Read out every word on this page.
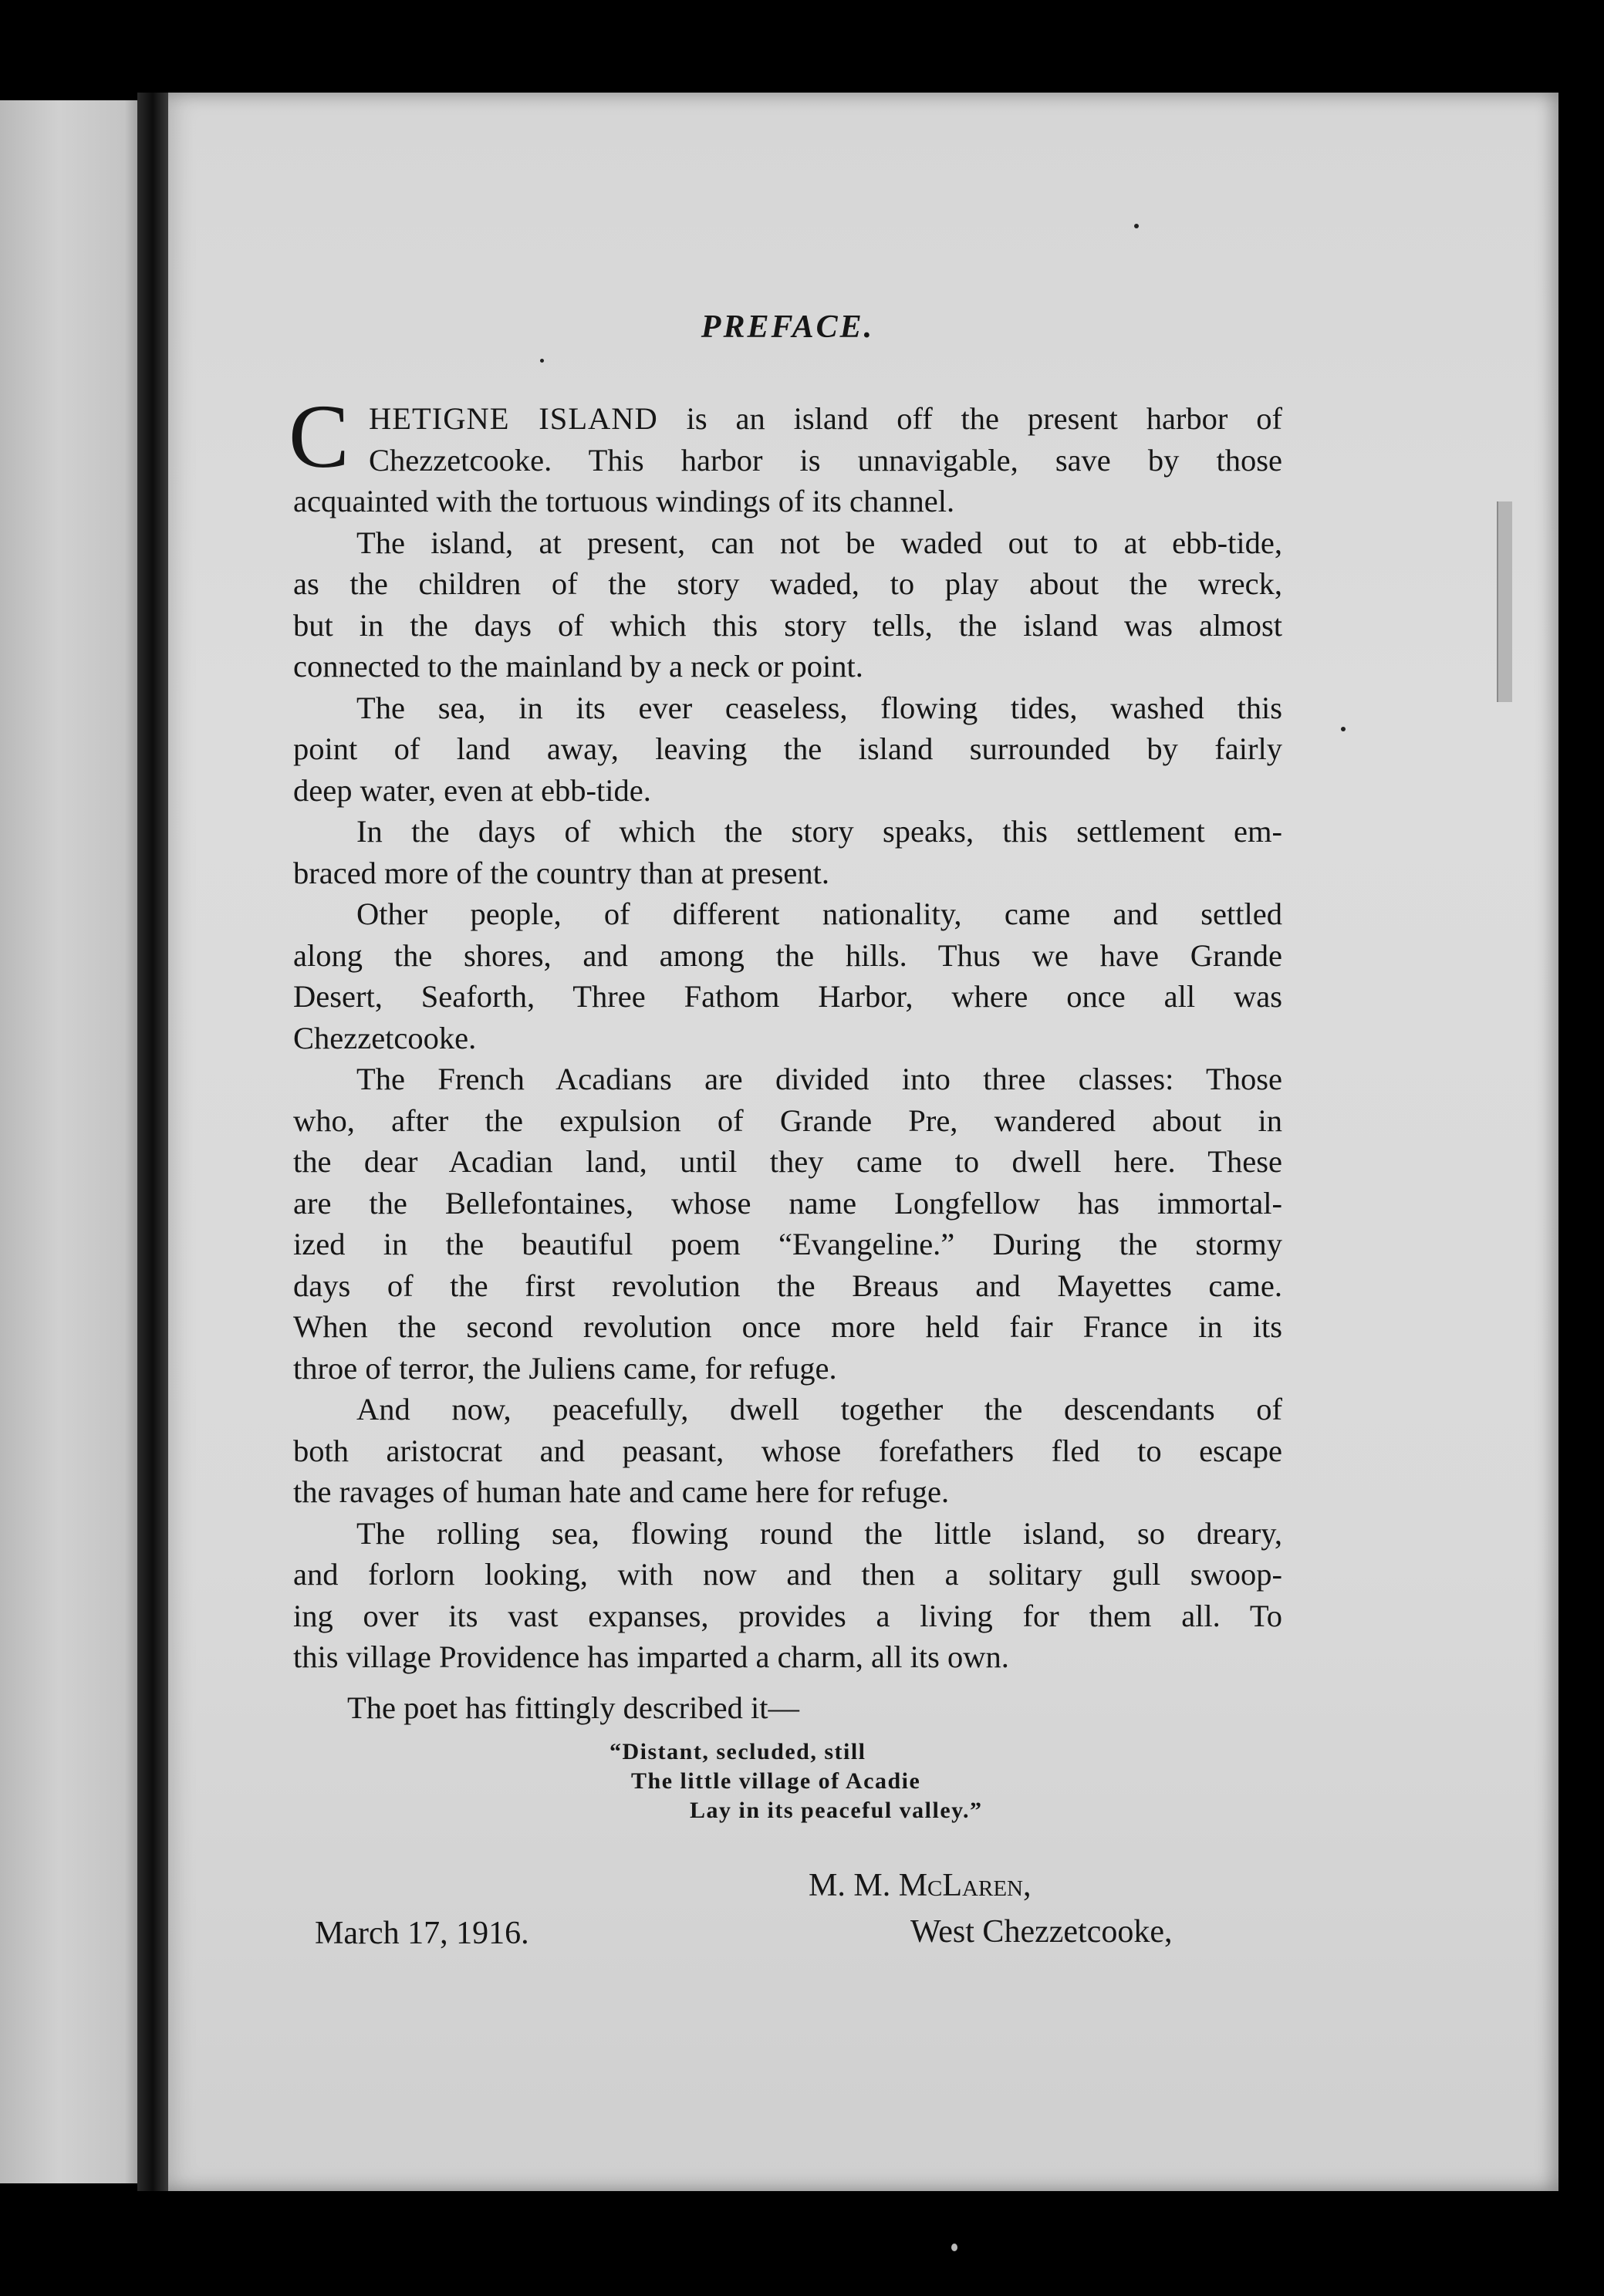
PREFACE.
C HETIGNE ISLAND is an island off the present harbor of
Chezzetcooke. This harbor is unnavigable, save by those
acquainted with the tortuous windings of its channel.
The island, at present, can not be waded out to at ebb-tide,
as the children of the story waded, to play about the wreck,
but in the days of which this story tells, the island was almost
connected to the mainland by a neck or point.
The sea, in its ever ceaseless, flowing tides, washed this
point of land away, leaving the island surrounded by fairly
deep water, even at ebb-tide.
In the days of which the story speaks, this settlement em-
braced more of the country than at present.
Other people, of different nationality, came and settled
along the shores, and among the hills. Thus we have Grande
Desert, Seaforth, Three Fathom Harbor, where once all was
Chezzetcooke.
The French Acadians are divided into three classes: Those
who, after the expulsion of Grande Pre, wandered about in
the dear Acadian land, until they came to dwell here. These
are the Bellefontaines, whose name Longfellow has immortal-
ized in the beautiful poem “Evangeline.” During the stormy
days of the first revolution the Breaus and Mayettes came.
When the second revolution once more held fair France in its
throe of terror, the Juliens came, for refuge.
And now, peacefully, dwell together the descendants of
both aristocrat and peasant, whose forefathers fled to escape
the ravages of human hate and came here for refuge.
The rolling sea, flowing round the little island, so dreary,
and forlorn looking, with now and then a solitary gull swoop-
ing over its vast expanses, provides a living for them all. To
this village Providence has imparted a charm, all its own.
The poet has fittingly described it—
“Distant, secluded, still
The little village of Acadie
Lay in its peaceful valley.”
M. M. McLaren,
West Chezzetcooke,
March 17, 1916.
